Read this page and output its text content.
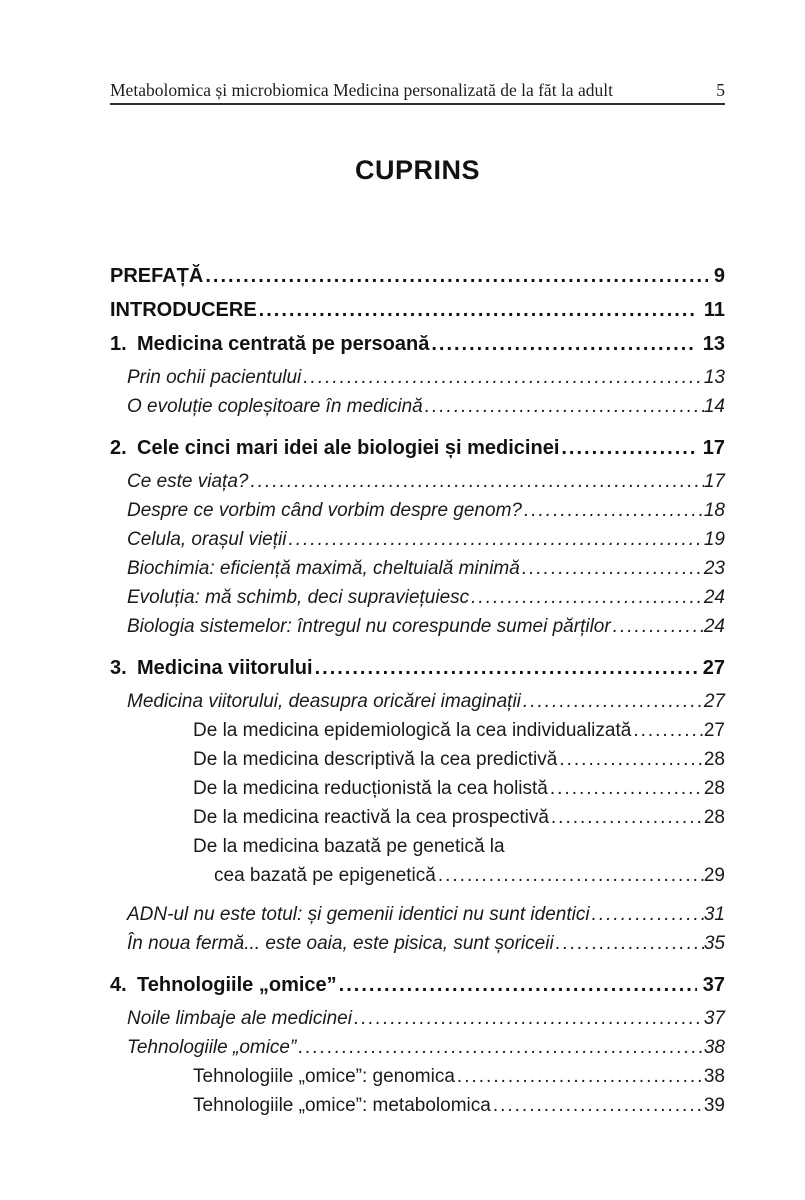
Metabolomica și microbiomica Medicina personalizată de la făt la adult	5
CUPRINS
PREFAȚĂ .....	9
INTRODUCERE .....	11
1. Medicina centrată pe persoană .....	13
Prin ochii pacientului .....	13
O evoluție copleșitoare în medicină .....	14
2. Cele cinci mari idei ale biologiei și medicinei .....	17
Ce este viața? .....	17
Despre ce vorbim când vorbim despre genom? .....	18
Celula, orașul vieții .....	19
Biochimia: eficiență maximă, cheltuială minimă .....	23
Evoluția: mă schimb, deci supraviețuiesc .....	24
Biologia sistemelor: întregul nu corespunde sumei părților .....	24
3. Medicina viitorului .....	27
Medicina viitorului, deasupra oricărei imaginații .....	27
De la medicina epidemiologică la cea individualizată .....	27
De la medicina descriptivă la cea predictivă .....	28
De la medicina reducționistă la cea holistă .....	28
De la medicina reactivă la cea prospectivă .....	28
De la medicina bazată pe genetică la
cea bazată pe epigenetică .....	29
ADN-ul nu este totul: și gemenii identici nu sunt identici .....	31
În noua fermă... este oaia, este pisica, sunt șoriceii .....	35
4. Tehnologiile „omice” .....	37
Noile limbaje ale medicinei .....	37
Tehnologiile „omice” .....	38
Tehnologiile „omice”: genomica .....	38
Tehnologiile „omice”: metabolomica .....	39
